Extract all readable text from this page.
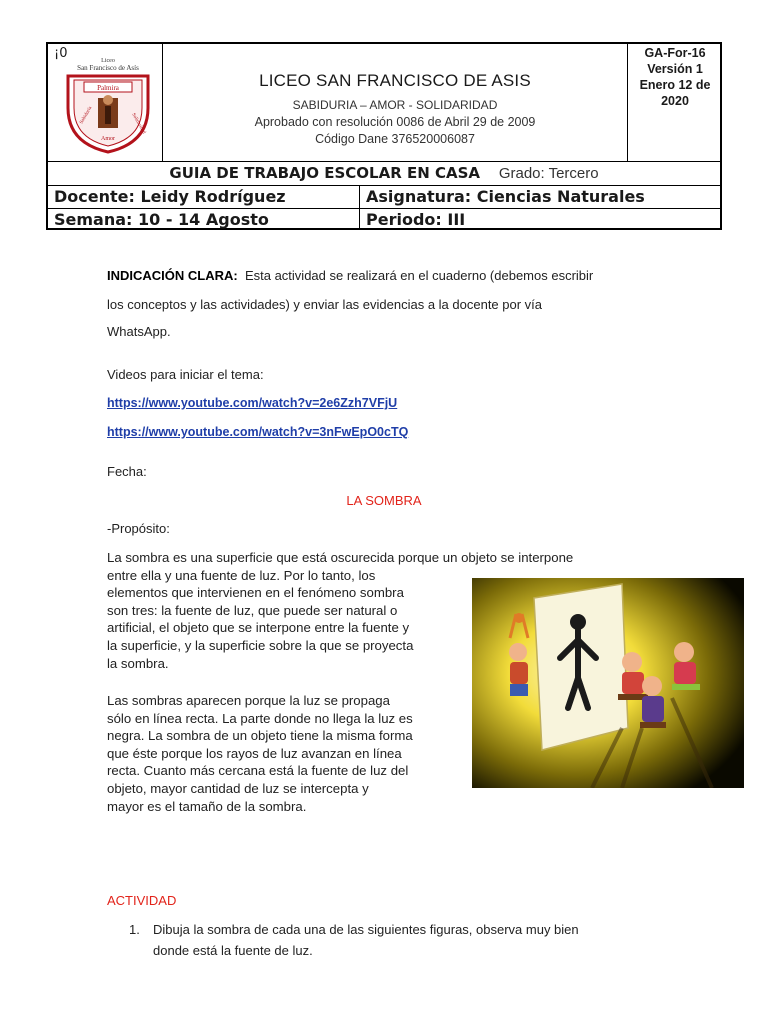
¡0	Liceo
San Francisco de Asís
Palmira
Sabiduría
Amor
Solidaridad
LICEO SAN FRANCISCO DE ASIS
SABIDURIA – AMOR - SOLIDARIDAD
Aprobado con resolución 0086 de Abril 29 de 2009
Código Dane 376520006087
GA-For-16
Versión 1
Enero 12 de
2020
GUIA DE TRABAJO ESCOLAR EN CASA Grado: Tercero
Docente: Leidy Rodríguez	Asignatura: Ciencias Naturales
Semana: 10 - 14 Agosto	Periodo: III
INDICACIÓN CLARA: Esta actividad se realizará en el cuaderno (debemos escribir
los conceptos y las actividades) y enviar las evidencias a la docente por vía
WhatsApp.
Videos para iniciar el tema:
https://www.youtube.com/watch?v=2e6Zzh7VFjU
https://www.youtube.com/watch?v=3nFwEpO0cTQ
Fecha:
LA SOMBRA
-Propósito:
La sombra es una superficie que está oscurecida porque un objeto se interpone
entre ella y una fuente de luz. Por lo tanto, los
elementos que intervienen en el fenómeno sombra
son tres: la fuente de luz, que puede ser natural o
artificial, el objeto que se interpone entre la fuente y
la superficie, y la superficie sobre la que se proyecta
la sombra.
Las sombras aparecen porque la luz se propaga
sólo en línea recta. La parte donde no llega la luz es
negra. La sombra de un objeto tiene la misma forma
que éste porque los rayos de luz avanzan en línea
recta. Cuanto más cercana está la fuente de luz del
objeto, mayor cantidad de luz se intercepta y
mayor es el tamaño de la sombra.
ACTIVIDAD
1. Dibuja la sombra de cada una de las siguientes figuras, observa muy bien
donde está la fuente de luz.
